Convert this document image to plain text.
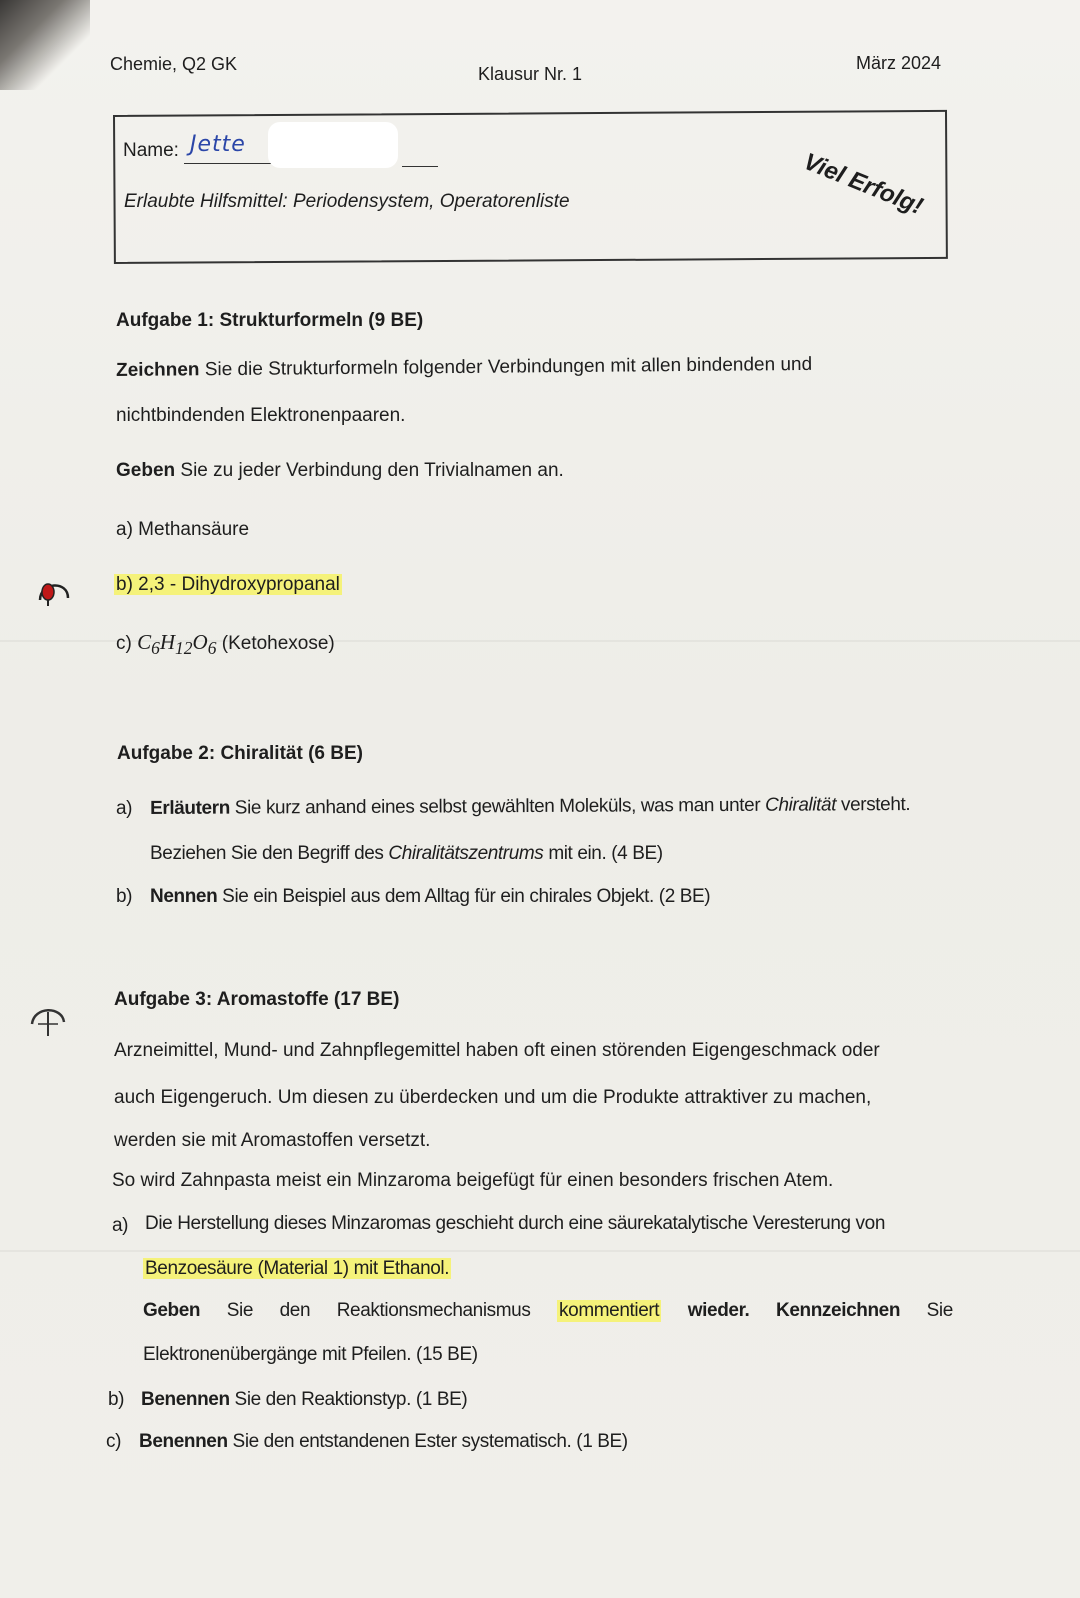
Chemie, Q2 GK	Klausur Nr. 1
März 2024
Name: Jette
Erlaubte Hilfsmittel: Periodensystem, Operatorenliste	Viel Erfolg!
Aufgabe 1: Strukturformeln (9 BE)
Zeichnen Sie die Strukturformeln folgender Verbindungen mit allen bindenden und
nichtbindenden Elektronenpaaren.
Geben Sie zu jeder Verbindung den Trivialnamen an.
a) Methansäure
b) 2,3 - Dihydroxypropanal
c) $C_6H_{12}O_6$ (Ketohexose)
Aufgabe 2: Chiralität (6 BE)
a) Erläutern Sie kurz anhand eines selbst gewählten Moleküls, was man unter Chiralität versteht.
Beziehen Sie den Begriff des Chiralitätszentrums mit ein. (4 BE)
b) Nennen Sie ein Beispiel aus dem Alltag für ein chirales Objekt. (2 BE)
Aufgabe 3: Aromastoffe (17 BE)
Arzneimittel, Mund- und Zahnpflegemittel haben oft einen störenden Eigengeschmack oder
auch Eigengeruch. Um diesen zu überdecken und um die Produkte attraktiver zu machen,
werden sie mit Aromastoffen versetzt.
So wird Zahnpasta meist ein Minzaroma beigefügt für einen besonders frischen Atem.
a) Die Herstellung dieses Minzaromas geschieht durch eine säurekatalytische Veresterung von
Benzoesäure (Material 1) mit Ethanol.
Geben Sie den Reaktionsmechanismus kommentiert wieder. Kennzeichnen Sie
Elektronenübergänge mit Pfeilen. (15 BE)
b) Benennen Sie den Reaktionstyp. (1 BE)
c) Benennen Sie den entstandenen Ester systematisch. (1 BE)
